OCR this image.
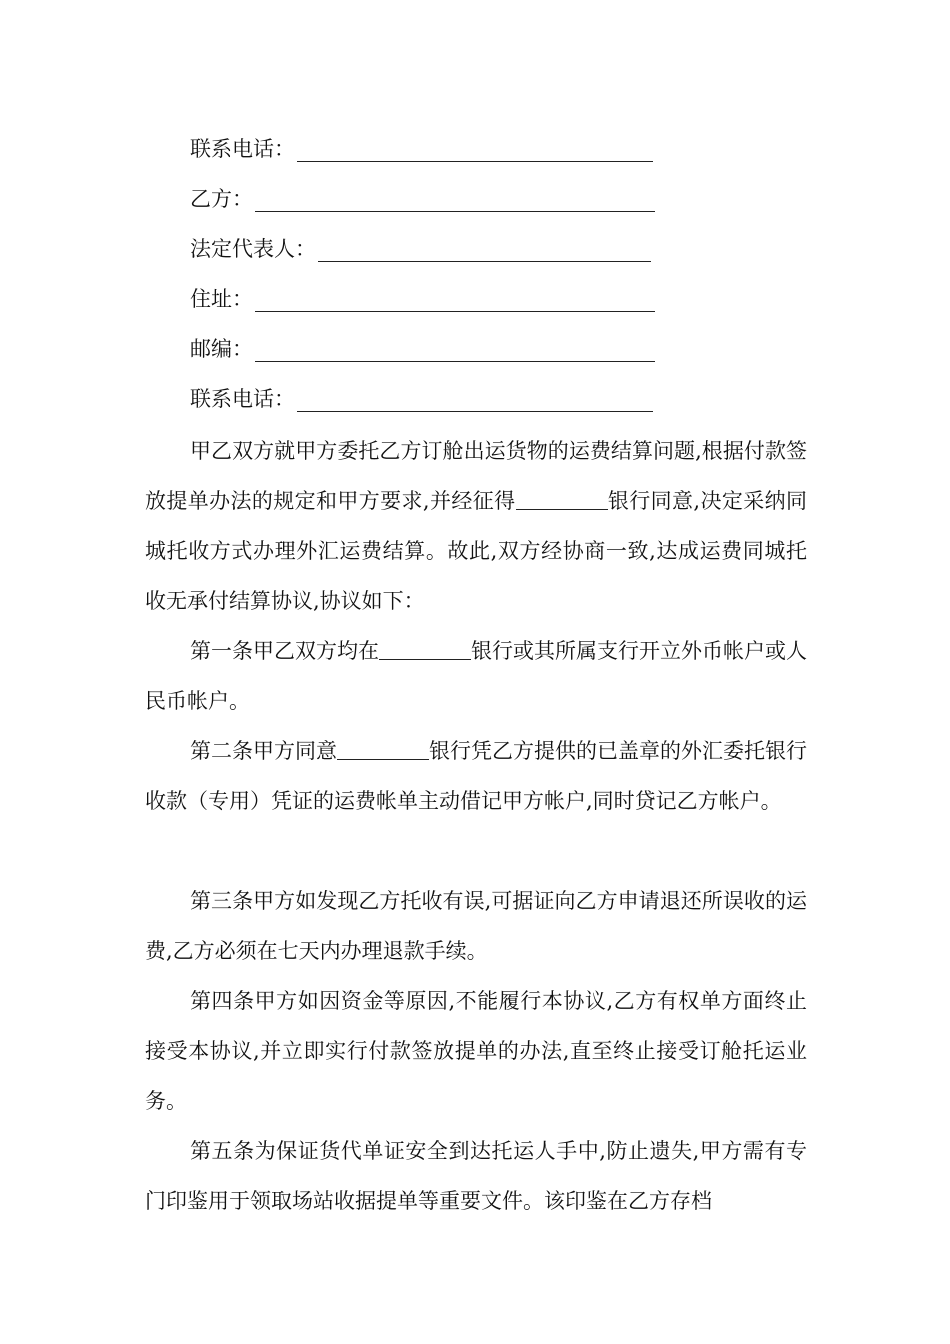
联系电话：
乙方：
法定代表人：
住址：
邮编：
联系电话：

甲乙双方就甲方委托乙方订舱出运货物的运费结算问题,根据付款签放提单办法的规定和甲方要求,并经征得	银行同意,决定采纳同城托收方式办理外汇运费结算。故此,双方经协商一致,达成运费同城托收无承付结算协议,协议如下：

第一条甲乙双方均在	银行或其所属支行开立外币帐户或人民币帐户。

第二条甲方同意	银行凭乙方提供的已盖章的外汇委托银行收款（专用）凭证的运费帐单主动借记甲方帐户,同时贷记乙方帐户。

第三条甲方如发现乙方托收有误,可据证向乙方申请退还所误收的运费,乙方必须在七天内办理退款手续。

第四条甲方如因资金等原因,不能履行本协议,乙方有权单方面终止接受本协议,并立即实行付款签放提单的办法,直至终止接受订舱托运业务。

第五条为保证货代单证安全到达托运人手中,防止遗失,甲方需有专门印鉴用于领取场站收据提单等重要文件。该印鉴在乙方存档
